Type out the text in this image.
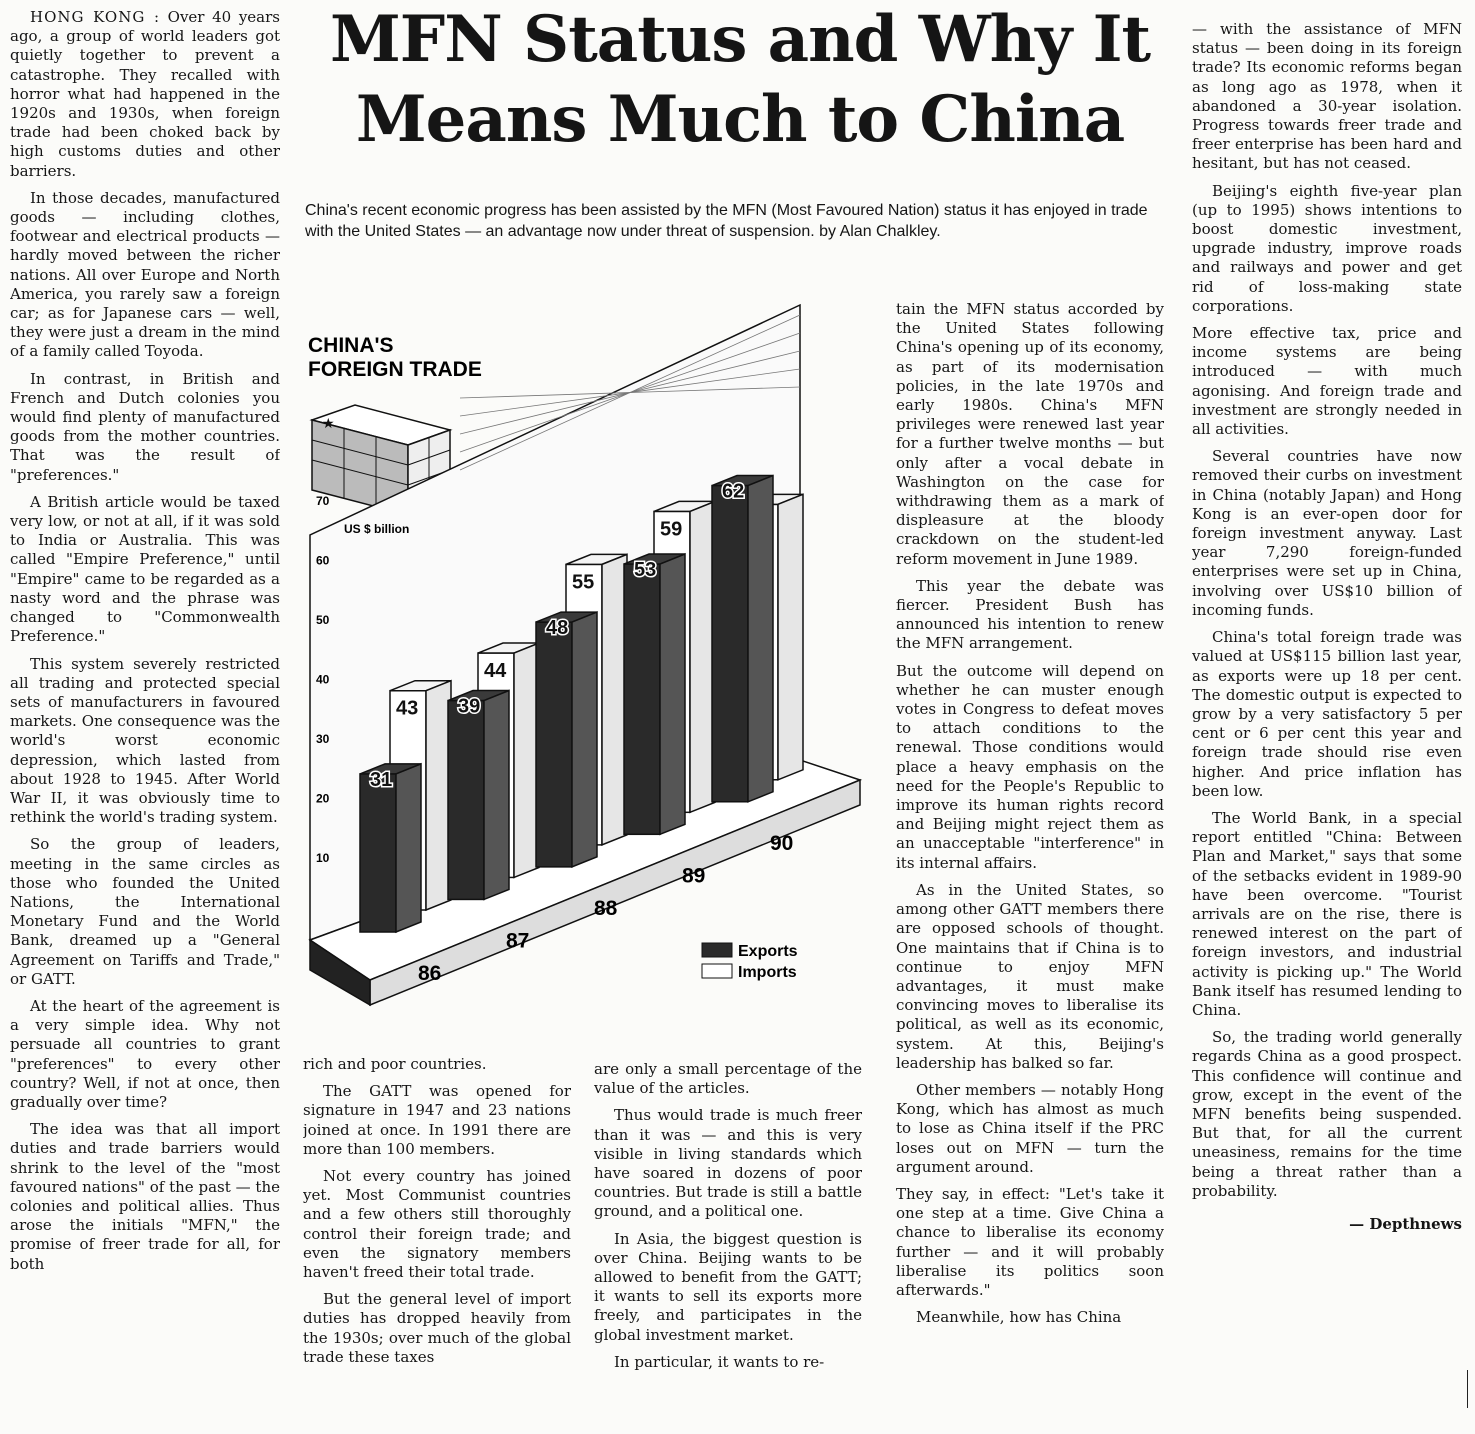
MFN Status and Why It
Means Much to China
China's recent economic progress has been assisted by the MFN (Most Favoured Nation) status it has enjoyed in trade with the United States — an advantage now under threat of suspension. by Alan Chalkley.

HONG KONG : Over 40 years ago, a group of world leaders got quietly together to prevent a catastrophe. They recalled with horror what had happened in the 1920s and 1930s, when foreign trade had been choked back by high customs duties and other barriers.

In those decades, manufactured goods — including clothes, footwear and electrical products — hardly moved between the richer nations. All over Europe and North America, you rarely saw a foreign car; as for Japanese cars — well, they were just a dream in the mind of a family called Toyoda.

In contrast, in British and French and Dutch colonies you would find plenty of manufactured goods from the mother countries. That was the result of "preferences."

A British article would be taxed very low, or not at all, if it was sold to India or Australia. This was called "Empire Preference," until "Empire" came to be regarded as a nasty word and the phrase was changed to "Commonwealth Preference."

This system severely restricted all trading and protected special sets of manufacturers in favoured markets. One consequence was the world's worst economic depression, which lasted from about 1928 to 1945. After World War II, it was obviously time to rethink the world's trading system.

So the group of leaders, meeting in the same circles as those who founded the United Nations, the International Monetary Fund and the World Bank, dreamed up a "General Agreement on Tariffs and Trade," or GATT.

At the heart of the agreement is a very simple idea. Why not persuade all countries to grant "preferences" to every other country? Well, if not at once, then gradually over time?

The idea was that all import duties and trade barriers would shrink to the level of the "most favoured nations" of the past — the colonies and political allies. Thus arose the initials "MFN," the promise of freer trade for all, for both

CHINA'S
FOREIGN TRADE
★
US $ billion
10
20
30
40
50
60
70
43
31
86
44
39
87
55
48
88
59
53
89
62
90
Exports
Imports

rich and poor countries.

The GATT was opened for signature in 1947 and 23 nations joined at once. In 1991 there are more than 100 members.

Not every country has joined yet. Most Communist countries and a few others still thoroughly control their foreign trade; and even the signatory members haven't freed their total trade.

But the general level of import duties has dropped heavily from the 1930s; over much of the global trade these taxes

are only a small percentage of the value of the articles.

Thus would trade is much freer than it was — and this is very visible in living standards which have soared in dozens of poor countries. But trade is still a battle ground, and a political one.

In Asia, the biggest question is over China. Beijing wants to be allowed to benefit from the GATT; it wants to sell its exports more freely, and participates in the global investment market.

In particular, it wants to re-

tain the MFN status accorded by the United States following China's opening up of its economy, as part of its modernisation policies, in the late 1970s and early 1980s. China's MFN privileges were renewed last year for a further twelve months — but only after a vocal debate in Washington on the case for withdrawing them as a mark of displeasure at the bloody crackdown on the student-led reform movement in June 1989.

This year the debate was fiercer. President Bush has announced his intention to renew the MFN arrangement.

But the outcome will depend on whether he can muster enough votes in Congress to defeat moves to attach conditions to the renewal. Those conditions would place a heavy emphasis on the need for the People's Republic to improve its human rights record and Beijing might reject them as an unacceptable "interference" in its internal affairs.

As in the United States, so among other GATT members there are opposed schools of thought. One maintains that if China is to continue to enjoy MFN advantages, it must make convincing moves to liberalise its political, as well as its economic, system. At this, Beijing's leadership has balked so far.

Other members — notably Hong Kong, which has almost as much to lose as China itself if the PRC loses out on MFN — turn the argument around.

They say, in effect: "Let's take it one step at a time. Give China a chance to liberalise its economy further — and it will probably liberalise its politics soon afterwards."

Meanwhile, how has China

— with the assistance of MFN status — been doing in its foreign trade? Its economic reforms began as long ago as 1978, when it abandoned a 30-year isolation. Progress towards freer trade and freer enterprise has been hard and hesitant, but has not ceased.

Beijing's eighth five-year plan (up to 1995) shows intentions to boost domestic investment, upgrade industry, improve roads and railways and power and get rid of loss-making state corporations.

More effective tax, price and income systems are being introduced — with much agonising. And foreign trade and investment are strongly needed in all activities.

Several countries have now removed their curbs on investment in China (notably Japan) and Hong Kong is an ever-open door for foreign investment anyway. Last year 7,290 foreign-funded enterprises were set up in China, involving over US$10 billion of incoming funds.

China's total foreign trade was valued at US$115 billion last year, as exports were up 18 per cent. The domestic output is expected to grow by a very satisfactory 5 per cent or 6 per cent this year and foreign trade should rise even higher. And price inflation has been low.

The World Bank, in a special report entitled "China: Between Plan and Market," says that some of the setbacks evident in 1989-90 have been overcome. "Tourist arrivals are on the rise, there is renewed interest on the part of foreign investors, and industrial activity is picking up." The World Bank itself has resumed lending to China.

So, the trading world generally regards China as a good prospect. This confidence will continue and grow, except in the event of the MFN benefits being suspended. But that, for all the current uneasiness, remains for the time being a threat rather than a probability.

— Depthnews
